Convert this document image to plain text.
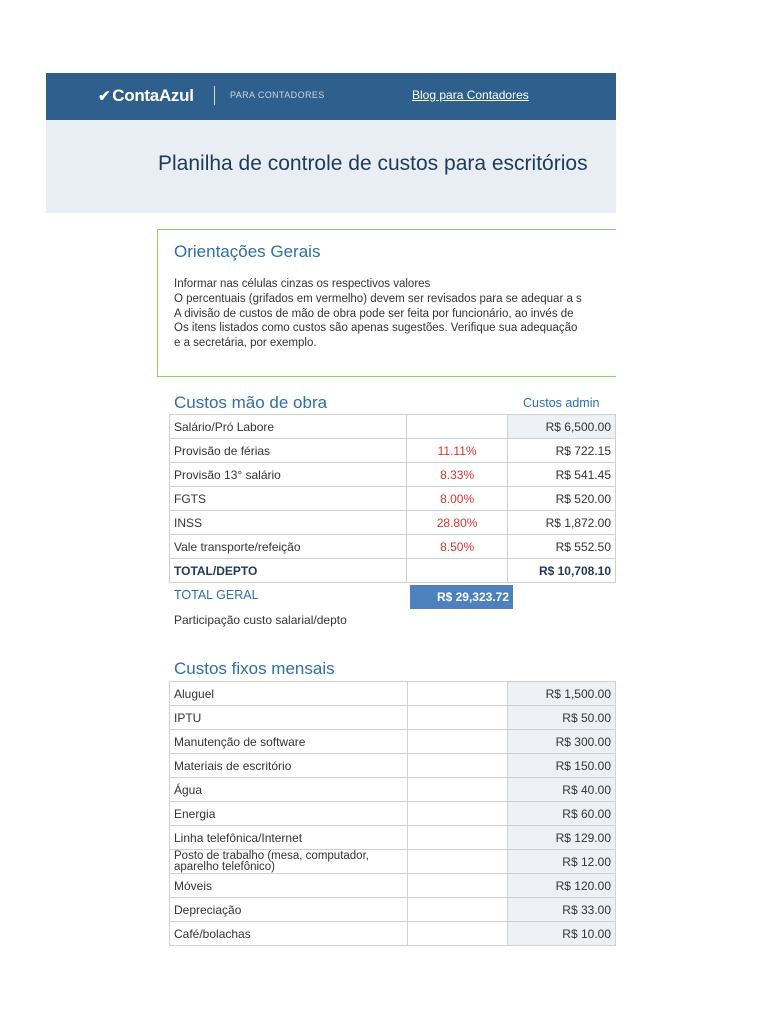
✔ ContaAzul	PARA CONTADORES	Blog para Contadores
Planilha de controle de custos para escritórios
Orientações Gerais
Informar nas células cinzas os respectivos valores
O percentuais (grifados em vermelho) devem ser revisados para se adequar a s
A divisão de custos de mão de obra pode ser feita por funcionário, ao invés de
Os itens listados como custos são apenas sugestões. Verifique sua adequação
e a secretária, por exemplo.
Custos mão de obra	Custos admin
Salário/Pró Labore		R$ 6,500.00
Provisão de férias	11.11%	R$ 722.15
Provisão 13° salário	8.33%	R$ 541.45
FGTS	8.00%	R$ 520.00
INSS	28.80%	R$ 1,872.00
Vale transporte/refeição	8.50%	R$ 552.50
TOTAL/DEPTO		R$ 10,708.10
TOTAL GERAL	R$ 29,323.72
Participação custo salarial/depto
Custos fixos mensais
Aluguel		R$ 1,500.00
IPTU		R$ 50.00
Manutenção de software		R$ 300.00
Materiais de escritório		R$ 150.00
Água		R$ 40.00
Energia		R$ 60.00
Linha telefônica/Internet		R$ 129.00
Posto de trabalho (mesa, computador, aparelho telefônico)		R$ 12.00
Móveis		R$ 120.00
Depreciação		R$ 33.00
Café/bolachas		R$ 10.00
